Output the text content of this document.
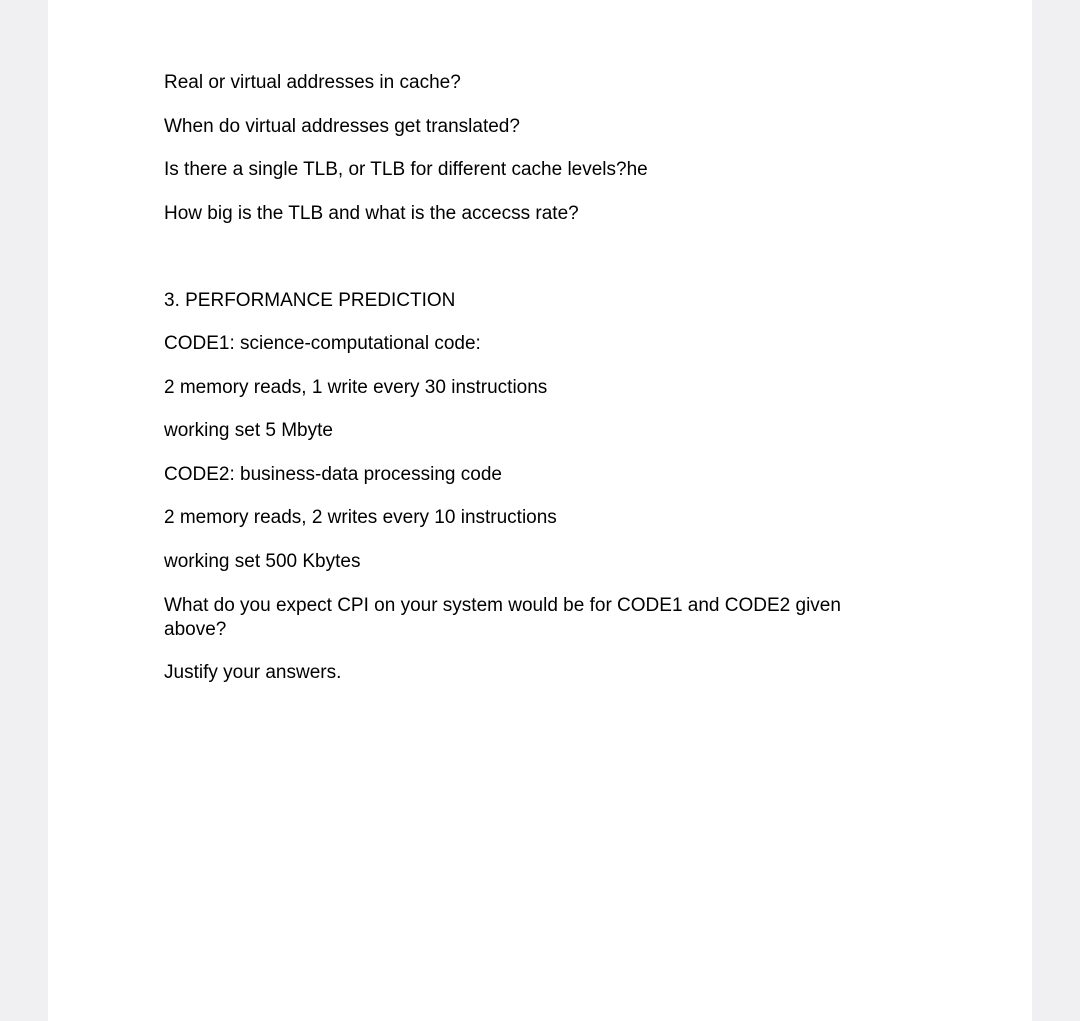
Real or virtual addresses in cache?

When do virtual addresses get translated?

Is there a single TLB, or TLB for different cache levels?he

How big is the TLB and what is the accecss rate?

3. PERFORMANCE PREDICTION

CODE1: science-computational code:

2 memory reads, 1 write every 30 instructions

working set 5 Mbyte

CODE2: business-data processing code

2 memory reads, 2 writes every 10 instructions

working set 500 Kbytes

What do you expect CPI on your system would be for CODE1 and CODE2 given above?

Justify your answers.
